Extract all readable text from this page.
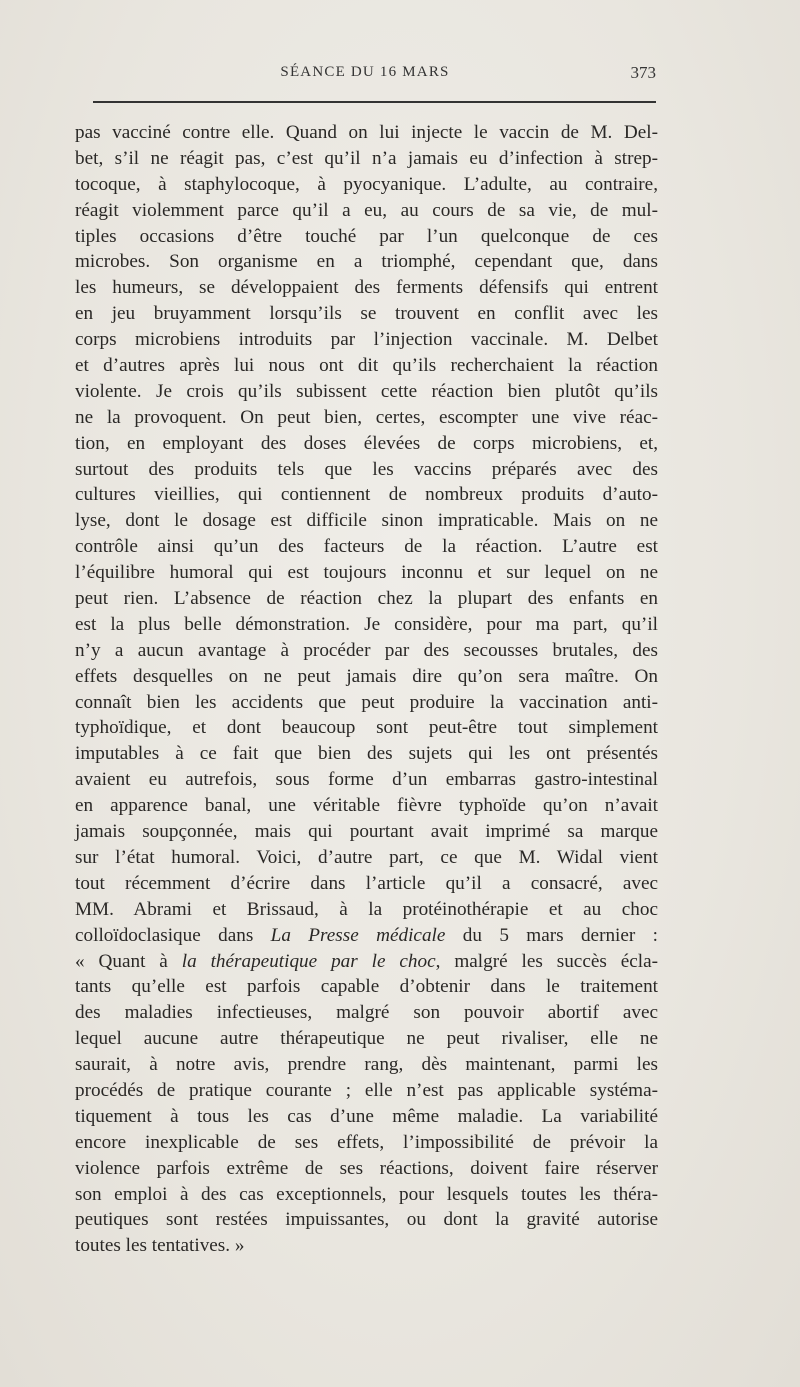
SÉANCE DU 16 MARS	373
pas vacciné contre elle. Quand on lui injecte le vaccin de M. Del-
bet, s’il ne réagit pas, c’est qu’il n’a jamais eu d’infection à strep-
tocoque, à staphylocoque, à pyocyanique. L’adulte, au contraire,
réagit violemment parce qu’il a eu, au cours de sa vie, de mul-
tiples occasions d’être touché par l’un quelconque de ces
microbes. Son organisme en a triomphé, cependant que, dans
les humeurs, se développaient des ferments défensifs qui entrent
en jeu bruyamment lorsqu’ils se trouvent en conflit avec les
corps microbiens introduits par l’injection vaccinale. M. Delbet
et d’autres après lui nous ont dit qu’ils recherchaient la réaction
violente. Je crois qu’ils subissent cette réaction bien plutôt qu’ils
ne la provoquent. On peut bien, certes, escompter une vive réac-
tion, en employant des doses élevées de corps microbiens, et,
surtout des produits tels que les vaccins préparés avec des
cultures vieillies, qui contiennent de nombreux produits d’auto-
lyse, dont le dosage est difficile sinon impraticable. Mais on ne
contrôle ainsi qu’un des facteurs de la réaction. L’autre est
l’équilibre humoral qui est toujours inconnu et sur lequel on ne
peut rien. L’absence de réaction chez la plupart des enfants en
est la plus belle démonstration. Je considère, pour ma part, qu’il
n’y a aucun avantage à procéder par des secousses brutales, des
effets desquelles on ne peut jamais dire qu’on sera maître. On
connaît bien les accidents que peut produire la vaccination anti-
typhoïdique, et dont beaucoup sont peut-être tout simplement
imputables à ce fait que bien des sujets qui les ont présentés
avaient eu autrefois, sous forme d’un embarras gastro-intestinal
en apparence banal, une véritable fièvre typhoïde qu’on n’avait
jamais soupçonnée, mais qui pourtant avait imprimé sa marque
sur l’état humoral. Voici, d’autre part, ce que M. Widal vient
tout récemment d’écrire dans l’article qu’il a consacré, avec
MM. Abrami et Brissaud, à la protéinothérapie et au choc
colloïdoclasique dans La Presse médicale du 5 mars dernier :
« Quant à la thérapeutique par le choc, malgré les succès écla-
tants qu’elle est parfois capable d’obtenir dans le traitement
des maladies infectieuses, malgré son pouvoir abortif avec
lequel aucune autre thérapeutique ne peut rivaliser, elle ne
saurait, à notre avis, prendre rang, dès maintenant, parmi les
procédés de pratique courante ; elle n’est pas applicable systéma-
tiquement à tous les cas d’une même maladie. La variabilité
encore inexplicable de ses effets, l’impossibilité de prévoir la
violence parfois extrême de ses réactions, doivent faire réserver
son emploi à des cas exceptionnels, pour lesquels toutes les théra-
peutiques sont restées impuissantes, ou dont la gravité autorise
toutes les tentatives. »
